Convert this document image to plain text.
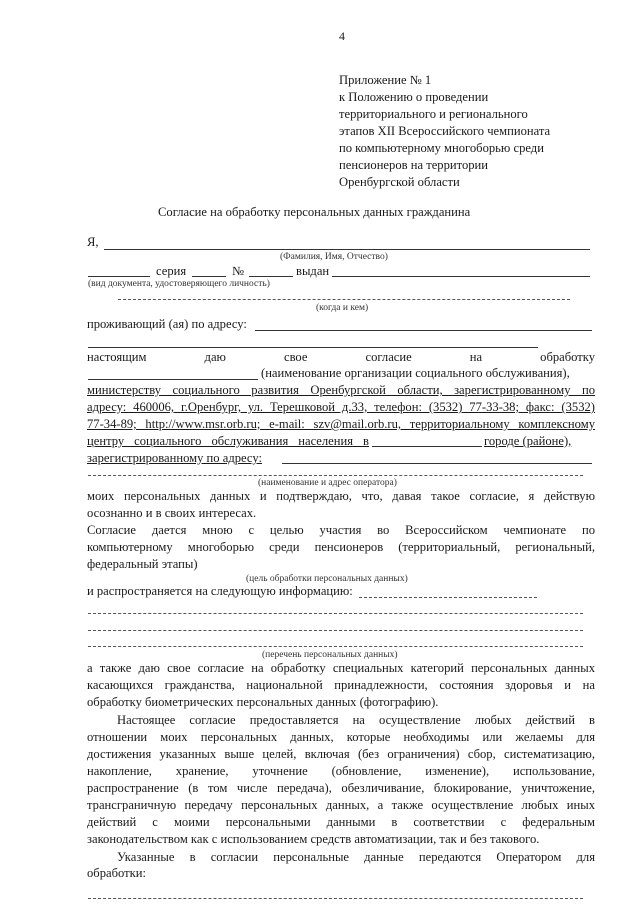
4
Приложение № 1
к Положению о проведении
территориального и регионального
этапов XII Всероссийского чемпионата
по компьютерному многоборью среди
пенсионеров на территории
Оренбургской области
Согласие на обработку персональных данных гражданина
Я,
(Фамилия, Имя, Отчество)
серия	№	выдан
(вид документа, удостоверяющего личность)
(когда и кем)
проживающий (ая) по адресу:
настоящим	даю	свое	согласие	на	обработку
(наименование организации социального обслуживания),
министерству социального развития Оренбургской области, зарегистрированному по
адресу: 460006, г.Оренбург, ул. Терешковой д.33, телефон: (3532) 77-33-38; факс: (3532)
77-34-89; http://www.msr.orb.ru; e-mail: szv@mail.orb.ru, территориальному комплексному
центру социального обслуживания населения в	городе (районе),
зарегистрированному по адресу:
(наименование и адрес оператора)
моих персональных данных и подтверждаю, что, давая такое согласие, я действую
осознанно и в своих интересах.
Согласие дается мною с целью участия во Всероссийском чемпионате по
компьютерному многоборью среди пенсионеров (территориальный, региональный,
федеральный этапы)
(цель обработки персональных данных)
и распространяется на следующую информацию:
(перечень персональных данных)
а также даю свое согласие на обработку специальных категорий персональных данных
касающихся гражданства, национальной принадлежности, состояния здоровья и на
обработку биометрических персональных данных (фотографию).
Настоящее согласие предоставляется на осуществление любых действий в
отношении моих персональных данных, которые необходимы или желаемы для
достижения указанных выше целей, включая (без ограничения) сбор, систематизацию,
накопление, хранение, уточнение (обновление, изменение), использование,
распространение (в том числе передача), обезличивание, блокирование, уничтожение,
трансграничную передачу персональных данных, а также осуществление любых иных
действий с моими персональными данными в соответствии с федеральным
законодательством как с использованием средств автоматизации, так и без такового.
Указанные в согласии персональные данные передаются Оператором для
обработки:
